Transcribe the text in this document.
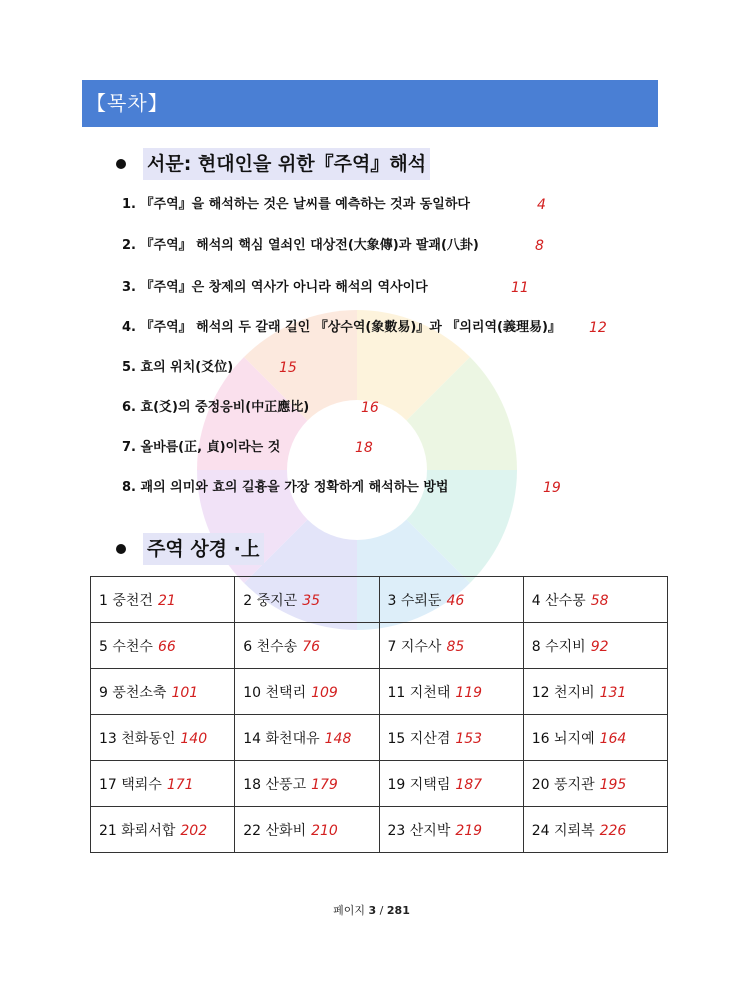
【목차】
서문: 현대인을 위한『주역』해석
1. 『주역』을 해석하는 것은 날씨를 예측하는 것과 동일하다	4
2. 『주역』 해석의 핵심 열쇠인 대상전(大象傳)과 팔괘(八卦)	8
3. 『주역』은 창제의 역사가 아니라 해석의 역사이다	11
4. 『주역』 해석의 두 갈래 길인 『상수역(象數易)』과 『의리역(義理易)』 12
5. 효의 위치(爻位)	15
6. 효(爻)의 중정응비(中正應比)	16
7. 올바름(正, 貞)이라는 것	18
8. 괘의 의미와 효의 길흉을 가장 정확하게 해석하는 방법	19
주역 상경 ·上
1 중천건 21	2 중지곤 35	3 수뢰둔 46	4 산수몽 58
5 수천수 66	6 천수송 76	7 지수사 85	8 수지비 92
9 풍천소축 101	10 천택리 109	11 지천태 119	12 천지비 131
13 천화동인 140	14 화천대유 148	15 지산겸 153	16 뇌지예 164
17 택뢰수 171	18 산풍고 179	19 지택림 187	20 풍지관 195
21 화뢰서합 202	22 산화비 210	23 산지박 219	24 지뢰복 226
페이지 3 / 281
